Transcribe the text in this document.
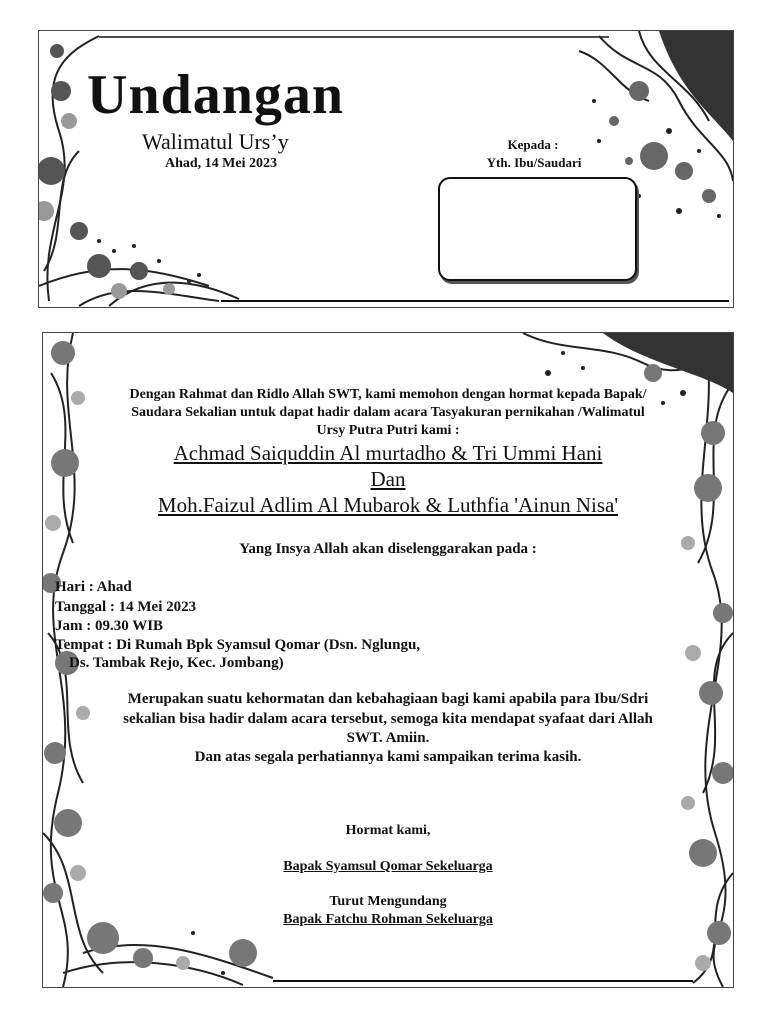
Undangan
Walimatul Urs’y
Ahad, 14 Mei 2023
Kepada :
Yth. Ibu/Saudari
Dengan Rahmat dan Ridlo Allah SWT, kami memohon dengan hormat kepada Bapak/
Saudara Sekalian untuk dapat hadir dalam acara Tasyakuran pernikahan /Walimatul
Ursy Putra Putri kami :
Achmad Saiquddin Al murtadho & Tri Ummi Hani
Dan
Moh.Faizul Adlim Al Mubarok & Luthfia 'Ainun Nisa'
Yang Insya Allah akan diselenggarakan pada :
Hari : Ahad
Tanggal : 14 Mei 2023
Jam : 09.30 WIB
Tempat : Di Rumah Bpk Syamsul Qomar (Dsn. Nglungu,
Ds. Tambak Rejo, Kec. Jombang)
Merupakan suatu kehormatan dan kebahagiaan bagi kami apabila para Ibu/Sdri
sekalian bisa hadir dalam acara tersebut, semoga kita mendapat syafaat dari Allah
SWT. Amiin.
Dan atas segala perhatiannya kami sampaikan terima kasih.
Hormat kami,
Bapak Syamsul Qomar Sekeluarga
Turut Mengundang
Bapak Fatchu Rohman Sekeluarga
